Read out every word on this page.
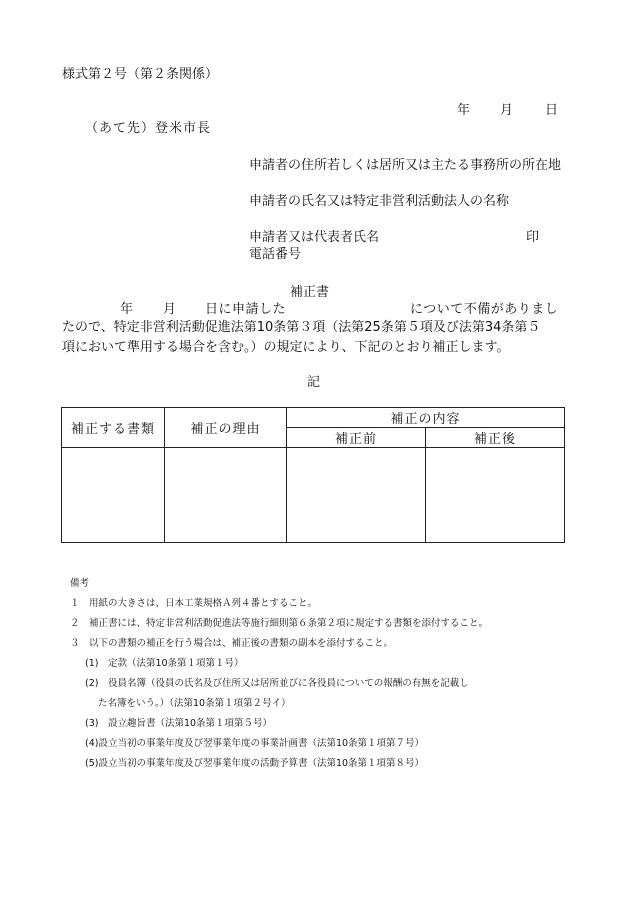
様式第２号（第２条関係）
年 月 日
（あて先）登米市長
申請者の住所若しくは居所又は主たる事務所の所在地
申請者の氏名又は特定非営利活動法人の名称
申請者又は代表者氏名	印
電話番号
補正書
年 月 日に申請した	について不備がありまし
たので、特定非営利活動促進法第10条第３項（法第25条第５項及び法第34条第５
項において準用する場合を含む。）の規定により、下記のとおり補正します。
記
補正する書類	補正の理由	補正の内容	
		補正前	補正後

備考
１　用紙の大きさは、日本工業規格Ａ列４番とすること。
２　補正書には、特定非営利活動促進法等施行細則第６条第２項に規定する書類を添付すること。
３　以下の書類の補正を行う場合は、補正後の書類の副本を添付すること。
(1)　定款（法第10条第１項第１号）
(2)　役員名簿（役員の氏名及び住所又は居所並びに各役員についての報酬の有無を記載し
た名簿をいう。）（法第10条第１項第２号イ）
(3)　設立趣旨書（法第10条第１項第５号）
(4)設立当初の事業年度及び翌事業年度の事業計画書（法第10条第１項第７号）
(5)設立当初の事業年度及び翌事業年度の活動予算書（法第10条第１項第８号）
